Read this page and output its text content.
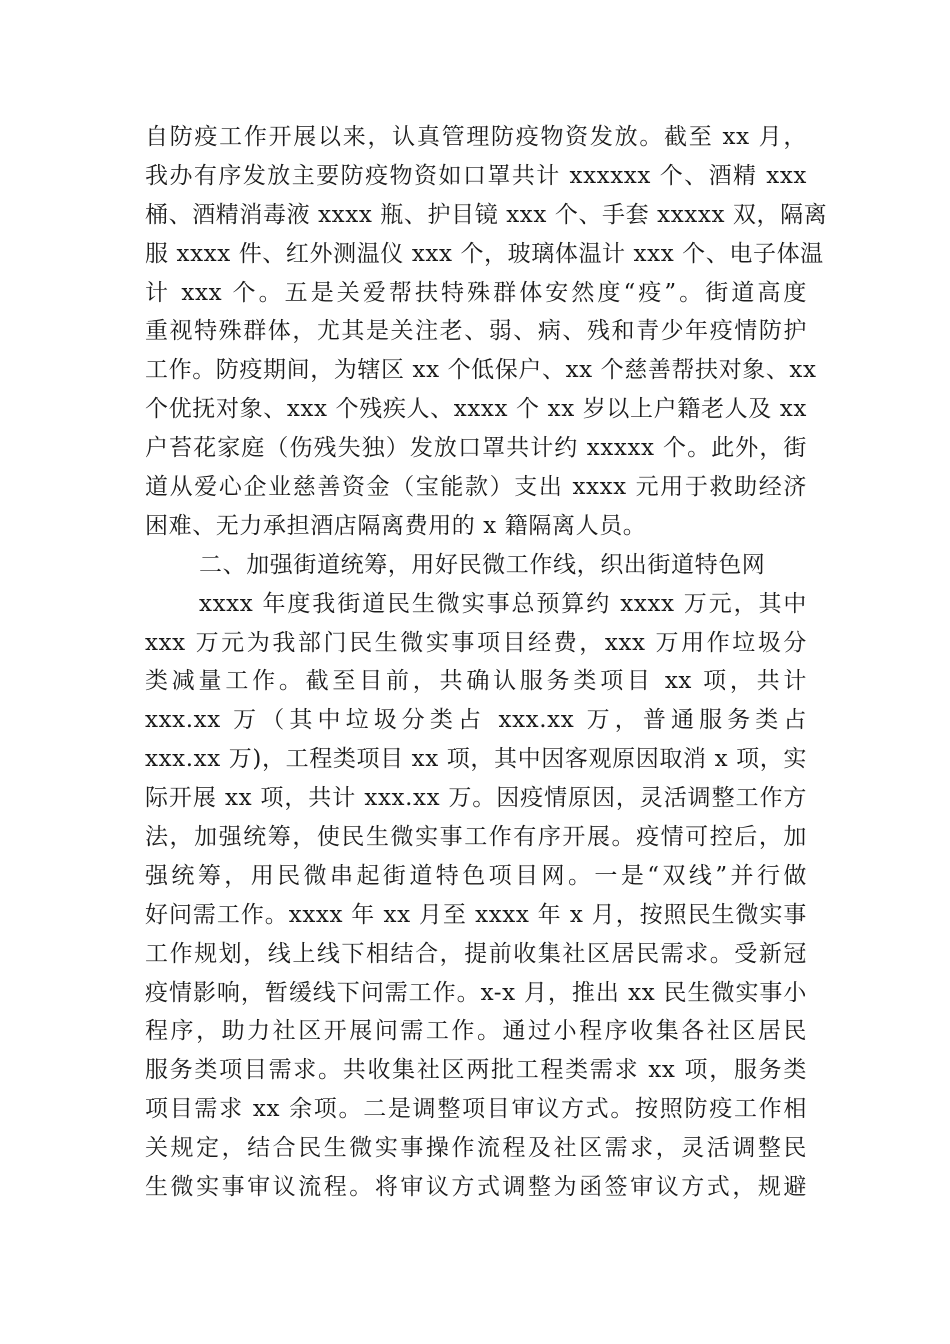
自防疫工作开展以来，认真管理防疫物资发放。截至 xx 月，
我办有序发放主要防疫物资如口罩共计 xxxxxx 个、酒精 xxx
桶、酒精消毒液 xxxx 瓶、护目镜 xxx 个、手套 xxxxx 双，隔离
服 xxxx 件、红外测温仪 xxx 个，玻璃体温计 xxx 个、电子体温
计 xxx 个。五是关爱帮扶特殊群体安然度“疫”。街道高度
重视特殊群体，尤其是关注老、弱、病、残和青少年疫情防护
工作。防疫期间，为辖区 xx 个低保户、xx 个慈善帮扶对象、xx
个优抚对象、xxx 个残疾人、xxxx 个 xx 岁以上户籍老人及 xx
户苔花家庭（伤残失独）发放口罩共计约 xxxxx 个。此外，街
道从爱心企业慈善资金（宝能款）支出 xxxx 元用于救助经济
困难、无力承担酒店隔离费用的 x 籍隔离人员。
二、加强街道统筹，用好民微工作线，织出街道特色网
xxxx 年度我街道民生微实事总预算约 xxxx 万元，其中
xxx 万元为我部门民生微实事项目经费，xxx 万用作垃圾分
类减量工作。截至目前，共确认服务类项目 xx 项，共计
xxx.xx 万（其中垃圾分类占 xxx.xx 万，普通服务类占
xxx.xx 万)，工程类项目 xx 项，其中因客观原因取消 x 项，实
际开展 xx 项，共计 xxx.xx 万。因疫情原因，灵活调整工作方
法，加强统筹，使民生微实事工作有序开展。疫情可控后，加
强统筹，用民微串起街道特色项目网。一是“双线”并行做
好问需工作。xxxx 年 xx 月至 xxxx 年 x 月，按照民生微实事
工作规划，线上线下相结合，提前收集社区居民需求。受新冠
疫情影响，暂缓线下问需工作。x-x 月，推出 xx 民生微实事小
程序，助力社区开展问需工作。通过小程序收集各社区居民
服务类项目需求。共收集社区两批工程类需求 xx 项，服务类
项目需求 xx 余项。二是调整项目审议方式。按照防疫工作相
关规定，结合民生微实事操作流程及社区需求，灵活调整民
生微实事审议流程。将审议方式调整为函签审议方式，规避
